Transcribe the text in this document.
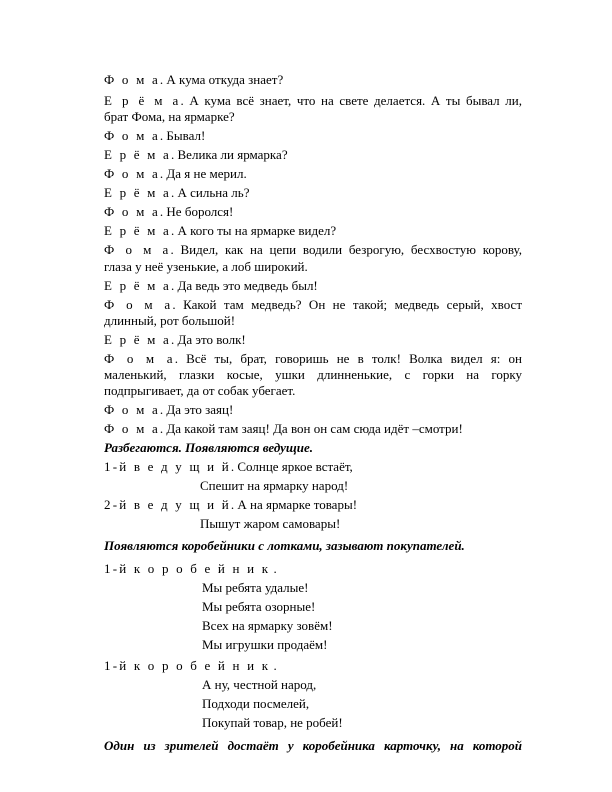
Ф о м а. А кума откуда знает?
Е р ё м а. А кума всё знает, что на свете делается. А ты бывал ли,
брат Фома, на ярмарке?
Ф о м а. Бывал!
Е р ё м а. Велика ли ярмарка?
Ф о м а. Да я не мерил.
Е р ё м а. А сильна ль?
Ф о м а. Не боролся!
Е р ё м а. А кого ты на ярмарке видел?
Ф о м а. Видел, как на цепи водили безрогую, бесхвостую корову,
глаза у неё узенькие, а лоб широкий.
Е р ё м а. Да ведь это медведь был!
Ф о м а. Какой там медведь? Он не такой; медведь серый, хвост
длинный, рот большой!
Е р ё м а. Да это волк!
Ф о м а. Всё ты, брат, говоришь не в толк! Волка видел я: он
маленький, глазки косые, ушки длинненькие, с горки на горку
подпрыгивает, да от собак убегает.
Ф о м а. Да это заяц!
Ф о м а. Да какой там заяц! Да вон он сам сюда идёт –смотри!
Разбегаются. Появляются ведущие.
1-й в е д у щ и й. Солнце яркое встаёт,
Спешит на ярмарку народ!
2-й в е д у щ и й. А на ярмарке товары!
Пышут жаром самовары!
Появляются коробейники с лотками, зазывают покупателей.
1-й к о р о б е й н и к .
Мы ребята удалые!
Мы ребята озорные!
Всех на ярмарку зовём!
Мы игрушки продаём!
1-й к о р о б е й н и к .
А ну, честной народ,
Подходи посмелей,
Покупай товар, не робей!
Один из зрителей достаёт у коробейника карточку, на которой
